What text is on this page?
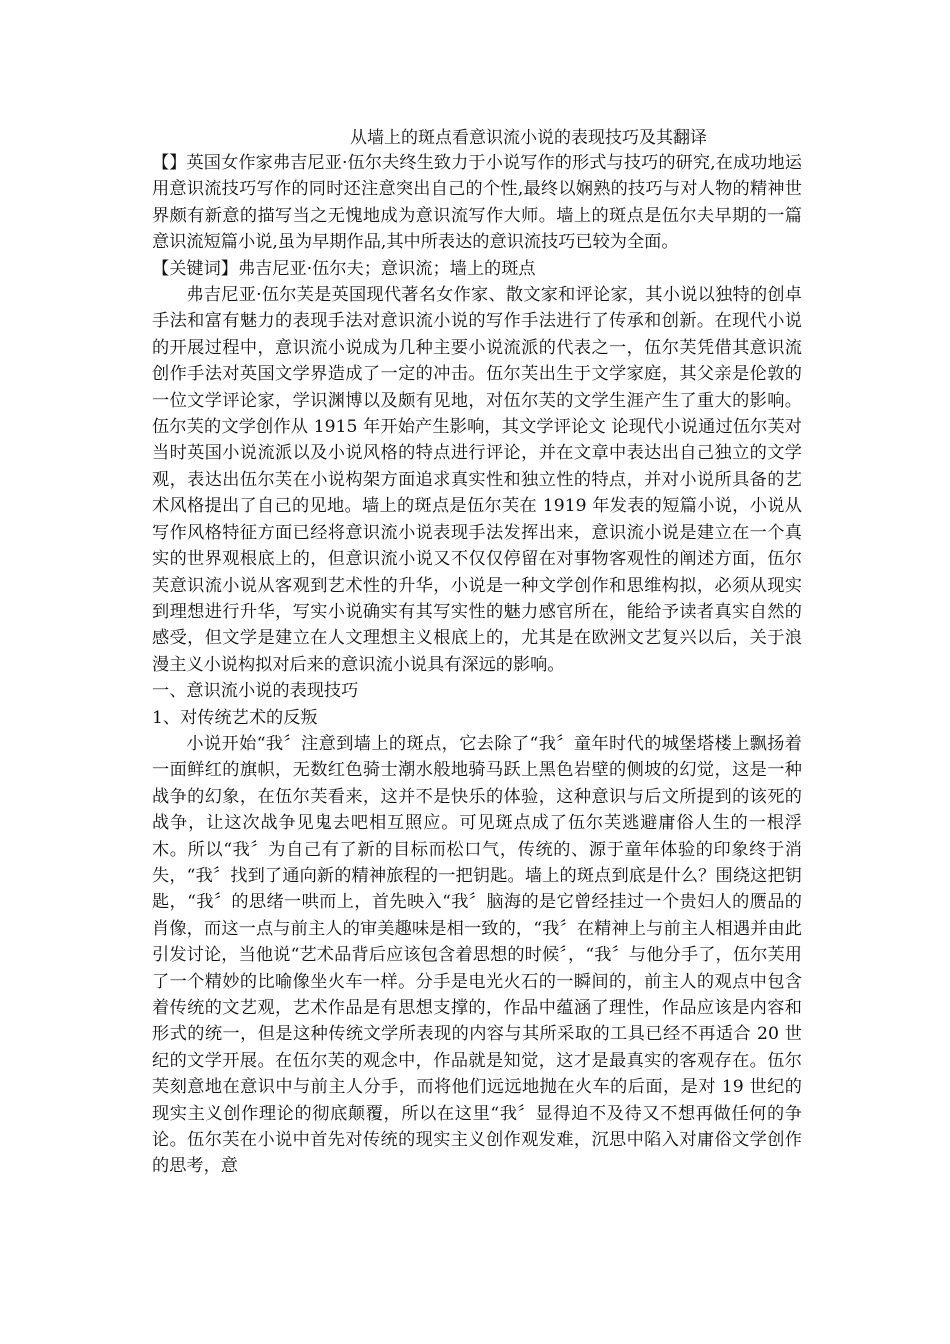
从墙上的斑点看意识流小说的表现技巧及其翻译

【】英国女作家弗吉尼亚·伍尔夫终生致力于小说写作的形式与技巧的研究,在成功地运用意识流技巧写作的同时还注意突出自己的个性,最终以娴熟的技巧与对人物的精神世界颇有新意的描写当之无愧地成为意识流写作大师。墙上的斑点是伍尔夫早期的一篇意识流短篇小说,虽为早期作品,其中所表达的意识流技巧已较为全面。

【关键词】弗吉尼亚·伍尔夫；意识流；墙上的斑点

弗吉尼亚·伍尔芙是英国现代著名女作家、散文家和评论家，其小说以独特的创卓手法和富有魅力的表现手法对意识流小说的写作手法进行了传承和创新。在现代小说的开展过程中，意识流小说成为几种主要小说流派的代表之一，伍尔芙凭借其意识流创作手法对英国文学界造成了一定的冲击。伍尔芙出生于文学家庭，其父亲是伦敦的一位文学评论家，学识渊博以及颇有见地，对伍尔芙的文学生涯产生了重大的影响。伍尔芙的文学创作从 1915 年开始产生影响，其文学评论文 论现代小说通过伍尔芙对当时英国小说流派以及小说风格的特点进行评论，并在文章中表达出自己独立的文学观，表达出伍尔芙在小说构架方面追求真实性和独立性的特点，并对小说所具备的艺术风格提出了自己的见地。墙上的斑点是伍尔芙在 1919 年发表的短篇小说，小说从写作风格特征方面已经将意识流小说表现手法发挥出来，意识流小说是建立在一个真实的世界观根底上的，但意识流小说又不仅仅停留在对事物客观性的阐述方面，伍尔芙意识流小说从客观到艺术性的升华，小说是一种文学创作和思维构拟，必须从现实到理想进行升华，写实小说确实有其写实性的魅力感官所在，能给予读者真实自然的感受，但文学是建立在人文理想主义根底上的，尤其是在欧洲文艺复兴以后，关于浪漫主义小说构拟对后来的意识流小说具有深远的影响。

一、意识流小说的表现技巧

1、对传统艺术的反叛

小说开始“我〞注意到墙上的斑点，它去除了“我〞童年时代的城堡塔楼上飘扬着一面鲜红的旗帜，无数红色骑士潮水般地骑马跃上黑色岩壁的侧坡的幻觉，这是一种战争的幻象，在伍尔芙看来，这并不是快乐的体验，这种意识与后文所提到的该死的战争，让这次战争见鬼去吧相互照应。可见斑点成了伍尔芙逃避庸俗人生的一根浮木。所以“我〞为自己有了新的目标而松口气，传统的、源于童年体验的印象终于消失，“我〞找到了通向新的精神旅程的一把钥匙。墙上的斑点到底是什么？围绕这把钥匙，“我〞的思绪一哄而上，首先映入“我〞脑海的是它曾经挂过一个贵妇人的赝品的肖像，而这一点与前主人的审美趣味是相一致的，“我〞在精神上与前主人相遇并由此引发讨论，当他说“艺术品背后应该包含着思想的时候〞，“我〞与他分手了，伍尔芙用了一个精妙的比喻像坐火车一样。分手是电光火石的一瞬间的，前主人的观点中包含着传统的文艺观，艺术作品是有思想支撑的，作品中蕴涵了理性，作品应该是内容和形式的统一，但是这种传统文学所表现的内容与其所采取的工具已经不再适合 20 世纪的文学开展。在伍尔芙的观念中，作品就是知觉，这才是最真实的客观存在。伍尔芙刻意地在意识中与前主人分手，而将他们远远地抛在火车的后面，是对 19 世纪的现实主义创作理论的彻底颠覆，所以在这里“我〞显得迫不及待又不想再做任何的争论。伍尔芙在小说中首先对传统的现实主义创作观发难，沉思中陷入对庸俗文学创作的思考，意
